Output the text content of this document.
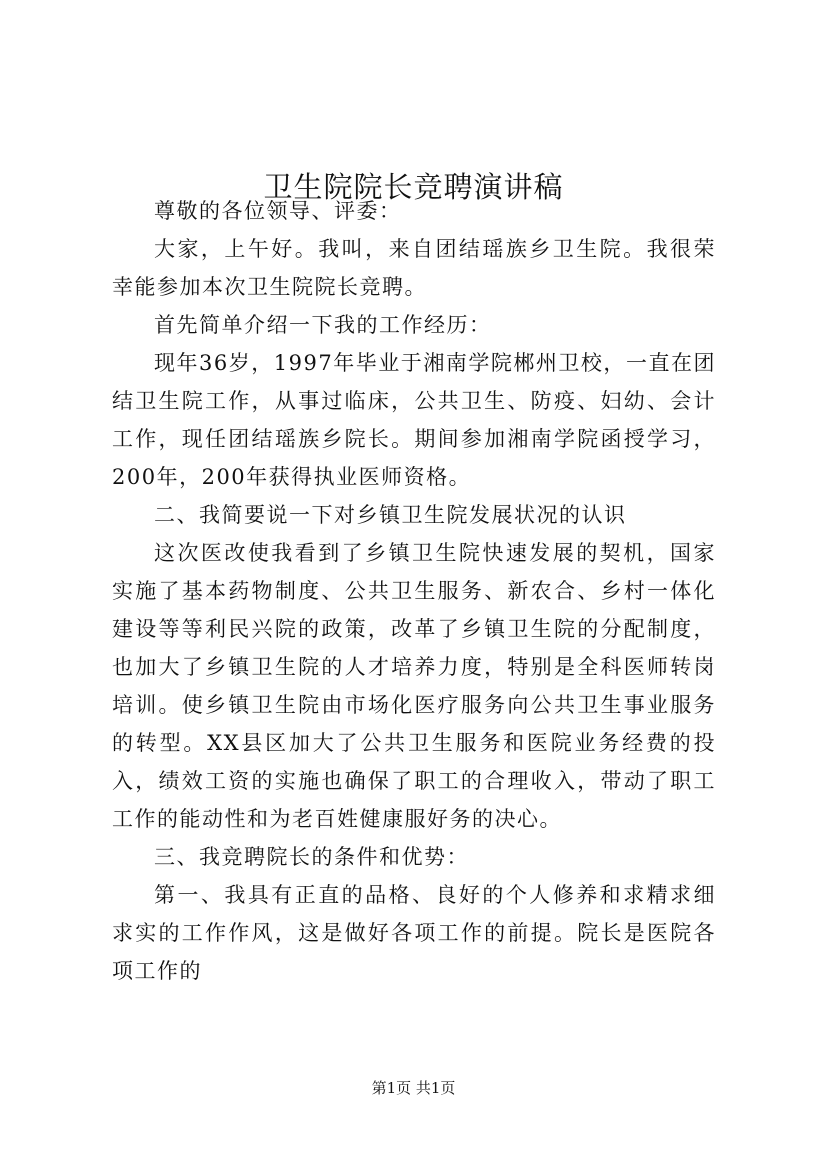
卫生院院长竞聘演讲稿

尊敬的各位领导、评委：

大家，上午好。我叫，来自团结瑶族乡卫生院。我很荣幸能参加本次卫生院院长竞聘。

首先简单介绍一下我的工作经历：

现年36岁，1997年毕业于湘南学院郴州卫校，一直在团结卫生院工作，从事过临床，公共卫生、防疫、妇幼、会计工作，现任团结瑶族乡院长。期间参加湘南学院函授学习，200年，200年获得执业医师资格。

二、我简要说一下对乡镇卫生院发展状况的认识

这次医改使我看到了乡镇卫生院快速发展的契机，国家实施了基本药物制度、公共卫生服务、新农合、乡村一体化建设等等利民兴院的政策，改革了乡镇卫生院的分配制度，也加大了乡镇卫生院的人才培养力度，特别是全科医师转岗培训。使乡镇卫生院由市场化医疗服务向公共卫生事业服务的转型。XX县区加大了公共卫生服务和医院业务经费的投入，绩效工资的实施也确保了职工的合理收入，带动了职工工作的能动性和为老百姓健康服好务的决心。

三、我竞聘院长的条件和优势：

第一、我具有正直的品格、良好的个人修养和求精求细求实的工作作风，这是做好各项工作的前提。院长是医院各项工作的

第1页 共1页
